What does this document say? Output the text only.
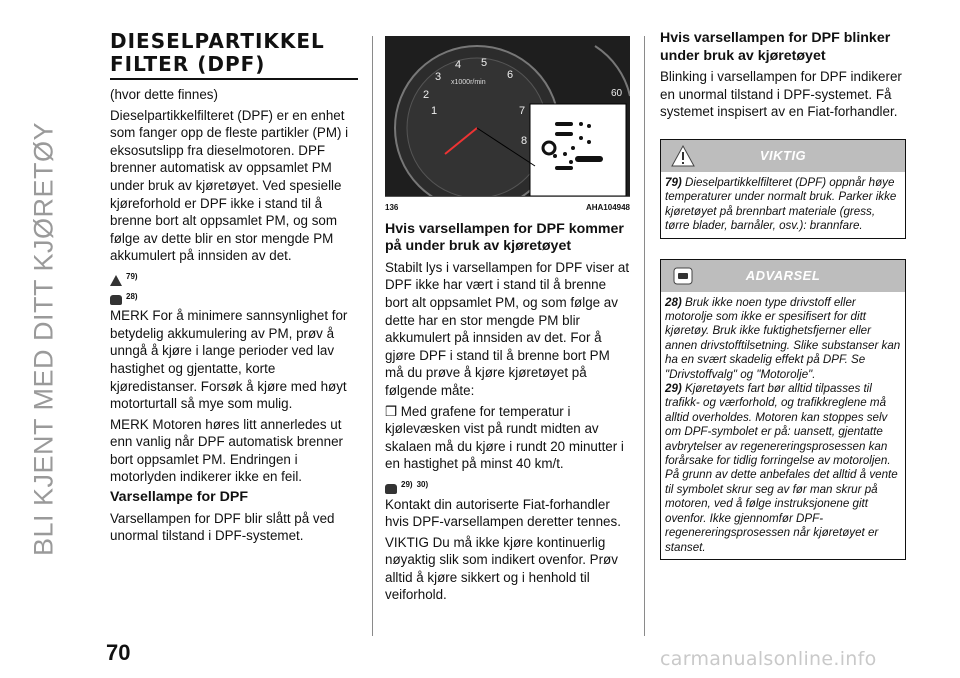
BLI KJENT MED DITT KJØRETØY
DIESELPARTIKKEL
FILTER (DPF)

(hvor dette finnes)

Dieselpartikkelfilteret (DPF) er en enhet som fanger opp de fleste partikler (PM) i eksosutslipp fra dieselmotoren. DPF brenner automatisk av oppsamlet PM under bruk av kjøretøyet. Ved spesielle kjøreforhold er DPF ikke i stand til å brenne bort alt oppsamlet PM, og som følge av dette blir en stor mengde PM akkumulert på innsiden av det.

79)
28)

MERK For å minimere sannsynlighet for betydelig akkumulering av PM, prøv å unngå å kjøre i lange perioder ved lav hastighet og gjentatte, korte kjøredistanser. Forsøk å kjøre med høyt motorturtall så mye som mulig.

MERK Motoren høres litt annerledes ut enn vanlig når DPF automatisk brenner bort oppsamlet PM. Endringen i motorlyden indikerer ikke en feil.

Varsellampe for DPF

Varsellampen for DPF blir slått på ved unormal tilstand i DPF-systemet.

x1000r/min
1
2
3
4 5
6
7
8
60
136	AHA104948

Hvis varsellampen for DPF kommer på under bruk av kjøretøyet

Stabilt lys i varsellampen for DPF viser at DPF ikke har vært i stand til å brenne bort alt oppsamlet PM, og som følge av dette har en stor mengde PM blir akkumulert på innsiden av det. For å gjøre DPF i stand til å brenne bort PM må du prøve å kjøre kjøretøyet på følgende måte:

❒ Med grafene for temperatur i kjølevæsken vist på rundt midten av skalaen må du kjøre i rundt 20 minutter i en hastighet på minst 40 km/t.

29) 30)

Kontakt din autoriserte Fiat-forhandler hvis DPF-varsellampen deretter tennes.

VIKTIG Du må ikke kjøre kontinuerlig nøyaktig slik som indikert ovenfor. Prøv alltid å kjøre sikkert og i henhold til veiforhold.

Hvis varsellampen for DPF blinker under bruk av kjøretøyet

Blinking i varsellampen for DPF indikerer en unormal tilstand i DPF-systemet. Få systemet inspisert av en Fiat-forhandler.

VIKTIG
79) Dieselpartikkelfilteret (DPF) oppnår høye temperaturer under normalt bruk. Parker ikke kjøretøyet på brennbart materiale (gress, tørre blader, barnåler, osv.): brannfare.
ADVARSEL
28) Bruk ikke noen type drivstoff eller motorolje som ikke er spesifisert for ditt kjøretøy. Bruk ikke fuktighetsfjerner eller annen drivstofftilsetning. Slike substanser kan ha en svært skadelig effekt på DPF. Se "Drivstoffvalg" og "Motorolje".
29) Kjøretøyets fart bør alltid tilpasses til trafikk- og værforhold, og trafikkreglene må alltid overholdes. Motoren kan stoppes selv om DPF-symbolet er på: uansett, gjentatte avbrytelser av regenereringsprosessen kan forårsake for tidlig forringelse av motoroljen. På grunn av dette anbefales det alltid å vente til symbolet skrur seg av før man skrur på motoren, ved å følge instruksjonene gitt ovenfor. Ikke gjennomfør DPF-regenereringsprosessen når kjøretøyet er stanset.
70	carmanualsonline.info
